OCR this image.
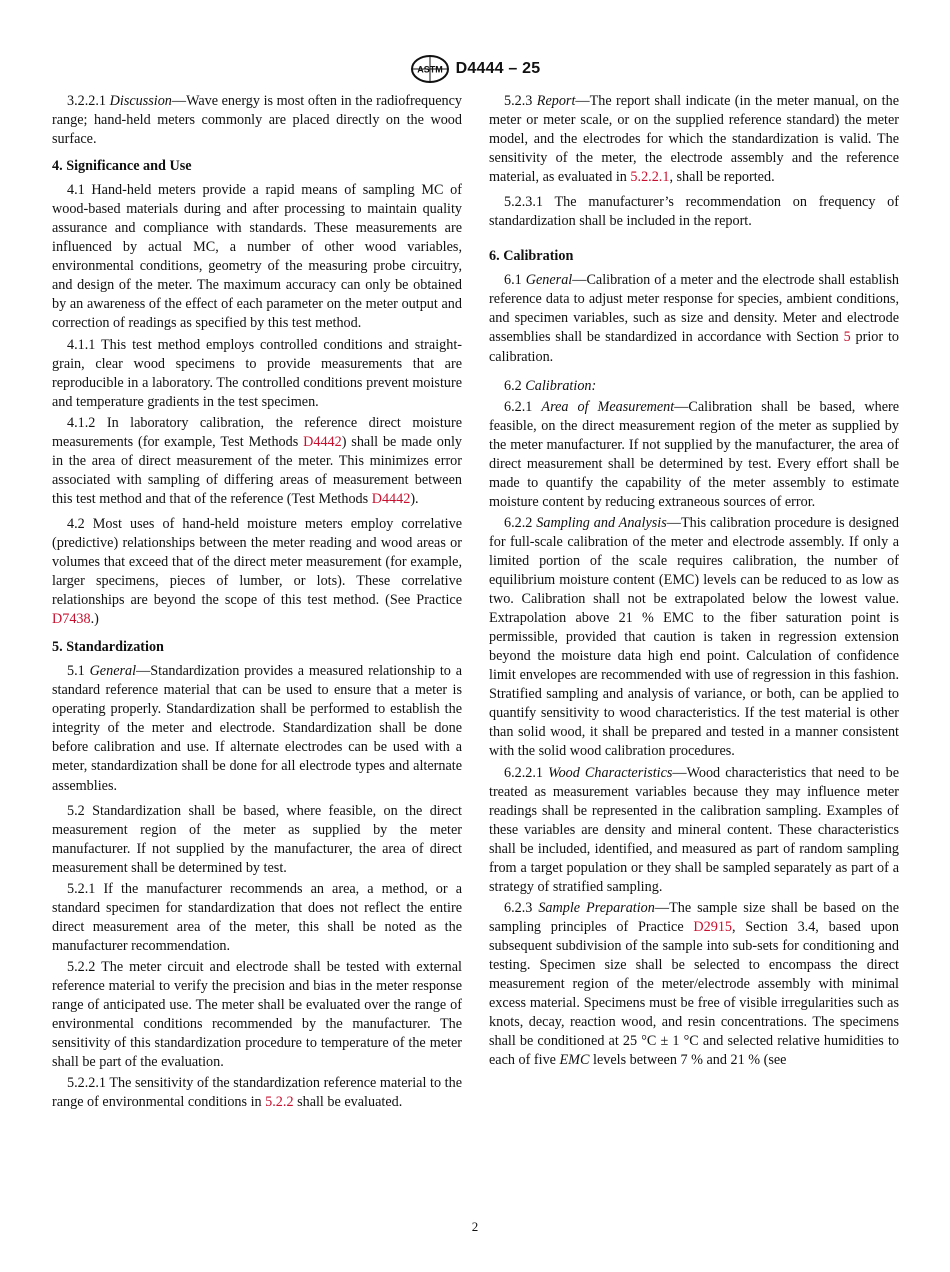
ASTM D4444 – 25

3.2.2.1 Discussion—Wave energy is most often in the radiofrequency range; hand-held meters commonly are placed directly on the wood surface.

4. Significance and Use

4.1 Hand-held meters provide a rapid means of sampling MC of wood-based materials during and after processing to maintain quality assurance and compliance with standards. These measurements are influenced by actual MC, a number of other wood variables, environmental conditions, geometry of the measuring probe circuitry, and design of the meter. The maximum accuracy can only be obtained by an awareness of the effect of each parameter on the meter output and correction of readings as specified by this test method.

4.1.1 This test method employs controlled conditions and straight-grain, clear wood specimens to provide measurements that are reproducible in a laboratory. The controlled conditions prevent moisture and temperature gradients in the test specimen.

4.1.2 In laboratory calibration, the reference direct moisture measurements (for example, Test Methods D4442) shall be made only in the area of direct measurement of the meter. This minimizes error associated with sampling of differing areas of measurement between this test method and that of the reference (Test Methods D4442).

4.2 Most uses of hand-held moisture meters employ correlative (predictive) relationships between the meter reading and wood areas or volumes that exceed that of the direct meter measurement (for example, larger specimens, pieces of lumber, or lots). These correlative relationships are beyond the scope of this test method. (See Practice D7438.)

5. Standardization

5.1 General—Standardization provides a measured relationship to a standard reference material that can be used to ensure that a meter is operating properly. Standardization shall be performed to establish the integrity of the meter and electrode. Standardization shall be done before calibration and use. If alternate electrodes can be used with a meter, standardization shall be done for all electrode types and alternate assemblies.

5.2 Standardization shall be based, where feasible, on the direct measurement region of the meter as supplied by the meter manufacturer. If not supplied by the manufacturer, the area of direct measurement shall be determined by test.

5.2.1 If the manufacturer recommends an area, a method, or a standard specimen for standardization that does not reflect the entire direct measurement area of the meter, this shall be noted as the manufacturer recommendation.

5.2.2 The meter circuit and electrode shall be tested with external reference material to verify the precision and bias in the meter response range of anticipated use. The meter shall be evaluated over the range of environmental conditions recommended by the manufacturer. The sensitivity of this standardization procedure to temperature of the meter shall be part of the evaluation.

5.2.2.1 The sensitivity of the standardization reference material to the range of environmental conditions in 5.2.2 shall be evaluated.

5.2.3 Report—The report shall indicate (in the meter manual, on the meter or meter scale, or on the supplied reference standard) the meter model, and the electrodes for which the standardization is valid. The sensitivity of the meter, the electrode assembly and the reference material, as evaluated in 5.2.2.1, shall be reported.

5.2.3.1 The manufacturer’s recommendation on frequency of standardization shall be included in the report.

6. Calibration

6.1 General—Calibration of a meter and the electrode shall establish reference data to adjust meter response for species, ambient conditions, and specimen variables, such as size and density. Meter and electrode assemblies shall be standardized in accordance with Section 5 prior to calibration.

6.2 Calibration:

6.2.1 Area of Measurement—Calibration shall be based, where feasible, on the direct measurement region of the meter as supplied by the meter manufacturer. If not supplied by the manufacturer, the area of direct measurement shall be determined by test. Every effort shall be made to quantify the capability of the meter assembly to estimate moisture content by reducing extraneous sources of error.

6.2.2 Sampling and Analysis—This calibration procedure is designed for full-scale calibration of the meter and electrode assembly. If only a limited portion of the scale requires calibration, the number of equilibrium moisture content (EMC) levels can be reduced to as low as two. Calibration shall not be extrapolated below the lowest value. Extrapolation above 21 % EMC to the fiber saturation point is permissible, provided that caution is taken in regression extension beyond the moisture data high end point. Calculation of confidence limit envelopes are recommended with use of regression in this fashion. Stratified sampling and analysis of variance, or both, can be applied to quantify sensitivity to wood characteristics. If the test material is other than solid wood, it shall be prepared and tested in a manner consistent with the solid wood calibration procedures.

6.2.2.1 Wood Characteristics—Wood characteristics that need to be treated as measurement variables because they may influence meter readings shall be represented in the calibration sampling. Examples of these variables are density and mineral content. These characteristics shall be included, identified, and measured as part of random sampling from a target population or they shall be sampled separately as part of a strategy of stratified sampling.

6.2.3 Sample Preparation—The sample size shall be based on the sampling principles of Practice D2915, Section 3.4, based upon subsequent subdivision of the sample into sub-sets for conditioning and testing. Specimen size shall be selected to encompass the direct measurement region of the meter/electrode assembly with minimal excess material. Specimens must be free of visible irregularities such as knots, decay, reaction wood, and resin concentrations. The specimens shall be conditioned at 25 °C ± 1 °C and selected relative humidities to each of five EMC levels between 7 % and 21 % (see

2
